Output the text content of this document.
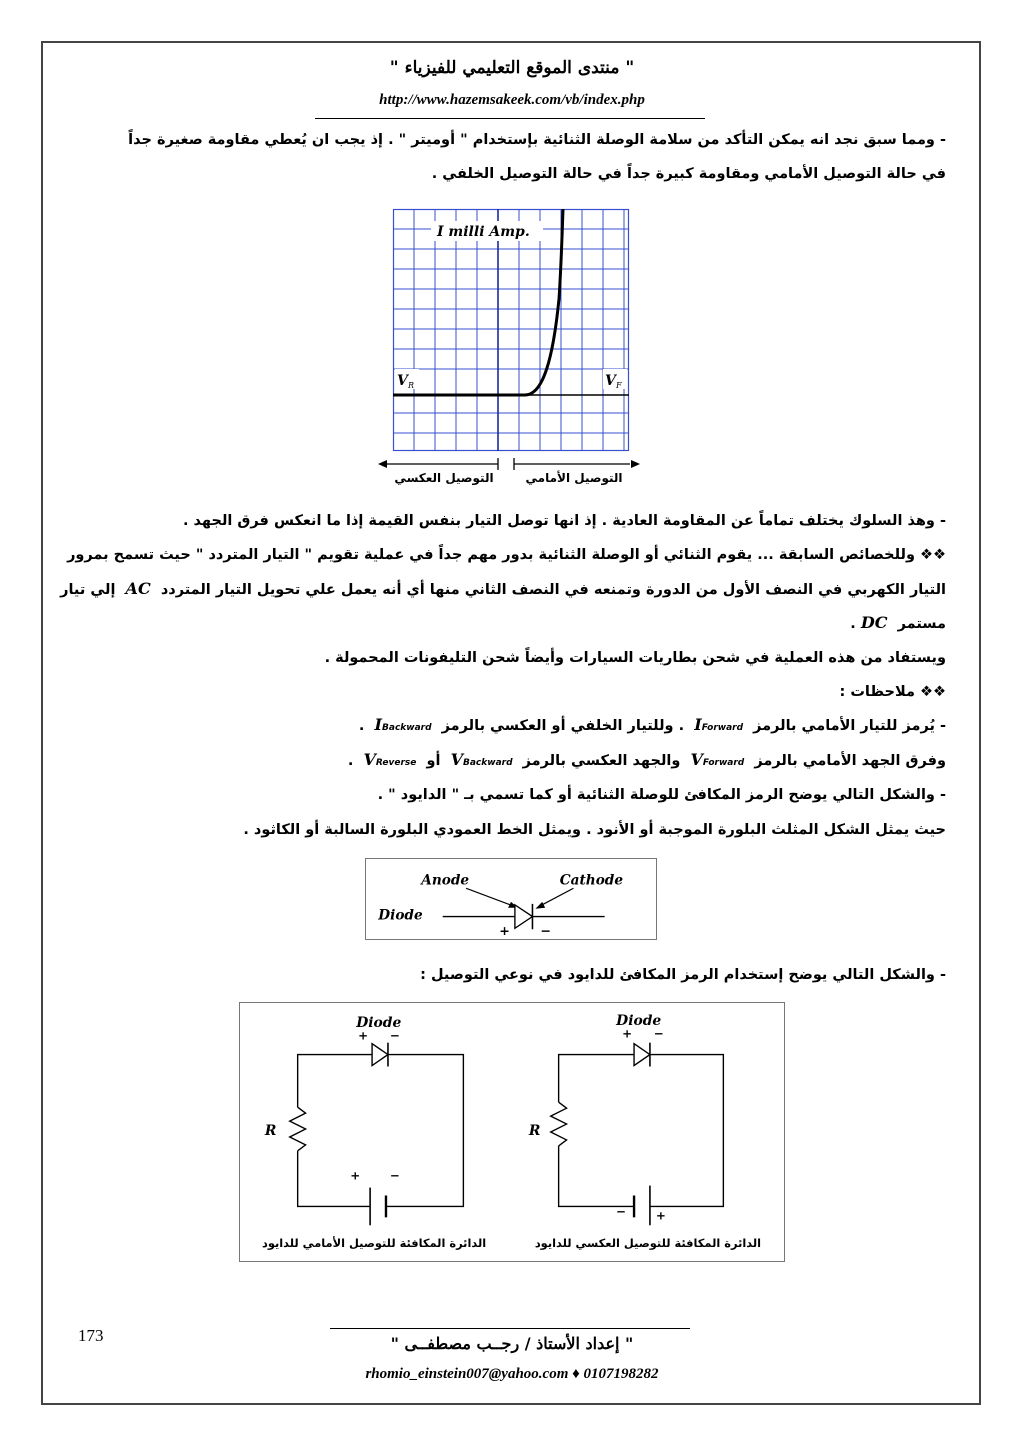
" منتدى الموقع التعليمي للفيزياء "
http://www.hazemsakeek.com/vb/index.php
- ومما سبق نجد انه يمكن التأكد من سلامة الوصلة الثنائية بإستخدام " أوميتر " . إذ يجب ان يُعطي مقاومة صغيرة جداً
في حالة التوصيل الأمامي ومقاومة كبيرة جداً في حالة التوصيل الخلفي .
I milli Amp.
V R	V F
التوصيل العكسي	التوصيل الأمامي
- وهذ السلوك يختلف تماماً عن المقاومة العادية . إذ انها توصل التيار بنفس القيمة إذا ما انعكس فرق الجهد .
❖❖ وللخصائص السابقة ... يقوم الثنائي أو الوصلة الثنائية بدور مهم جداً في عملية تقويم " التيار المتردد " حيث تسمح بمرور
التيار الكهربي في النصف الأول من الدورة وتمنعه في النصف الثاني منها أي أنه يعمل علي تحويل التيار المتردد  AC  إلي تيار
مستمر  DC .
ويستفاد من هذه العملية في شحن بطاريات السيارات وأيضاً شحن التليفونات المحمولة .
❖❖ ملاحظات :
- يُرمز للتيار الأمامي بالرمز  IForward  . وللتيار الخلفي أو العكسي بالرمز  IBackward  .
وفرق الجهد الأمامي بالرمز  VForward  والجهد العكسي بالرمز  VBackward  أو  VReverse  .
- والشكل التالي يوضح الرمز المكافئ للوصلة الثنائية أو كما تسمي بـ " الدايود " .
حيث يمثل الشكل المثلث البلورة الموجبة أو الأنود . ويمثل الخط العمودي البلورة السالبة أو الكاثود .
Anode	Cathode
Diode
+ −
- والشكل التالي يوضح إستخدام الرمز المكافئ للدايود في نوعي التوصيل :
Diode
+ −
R
+ −
الدائرة المكافئة للتوصيل الأمامي للدايود
Diode
+ −
R
− +
الدائرة المكافئة للتوصيل العكسي للدايود
173	" إعداد الأستاذ / رجــب مصطفــى "
rhomio_einstein007@yahoo.com ♦ 0107198282
